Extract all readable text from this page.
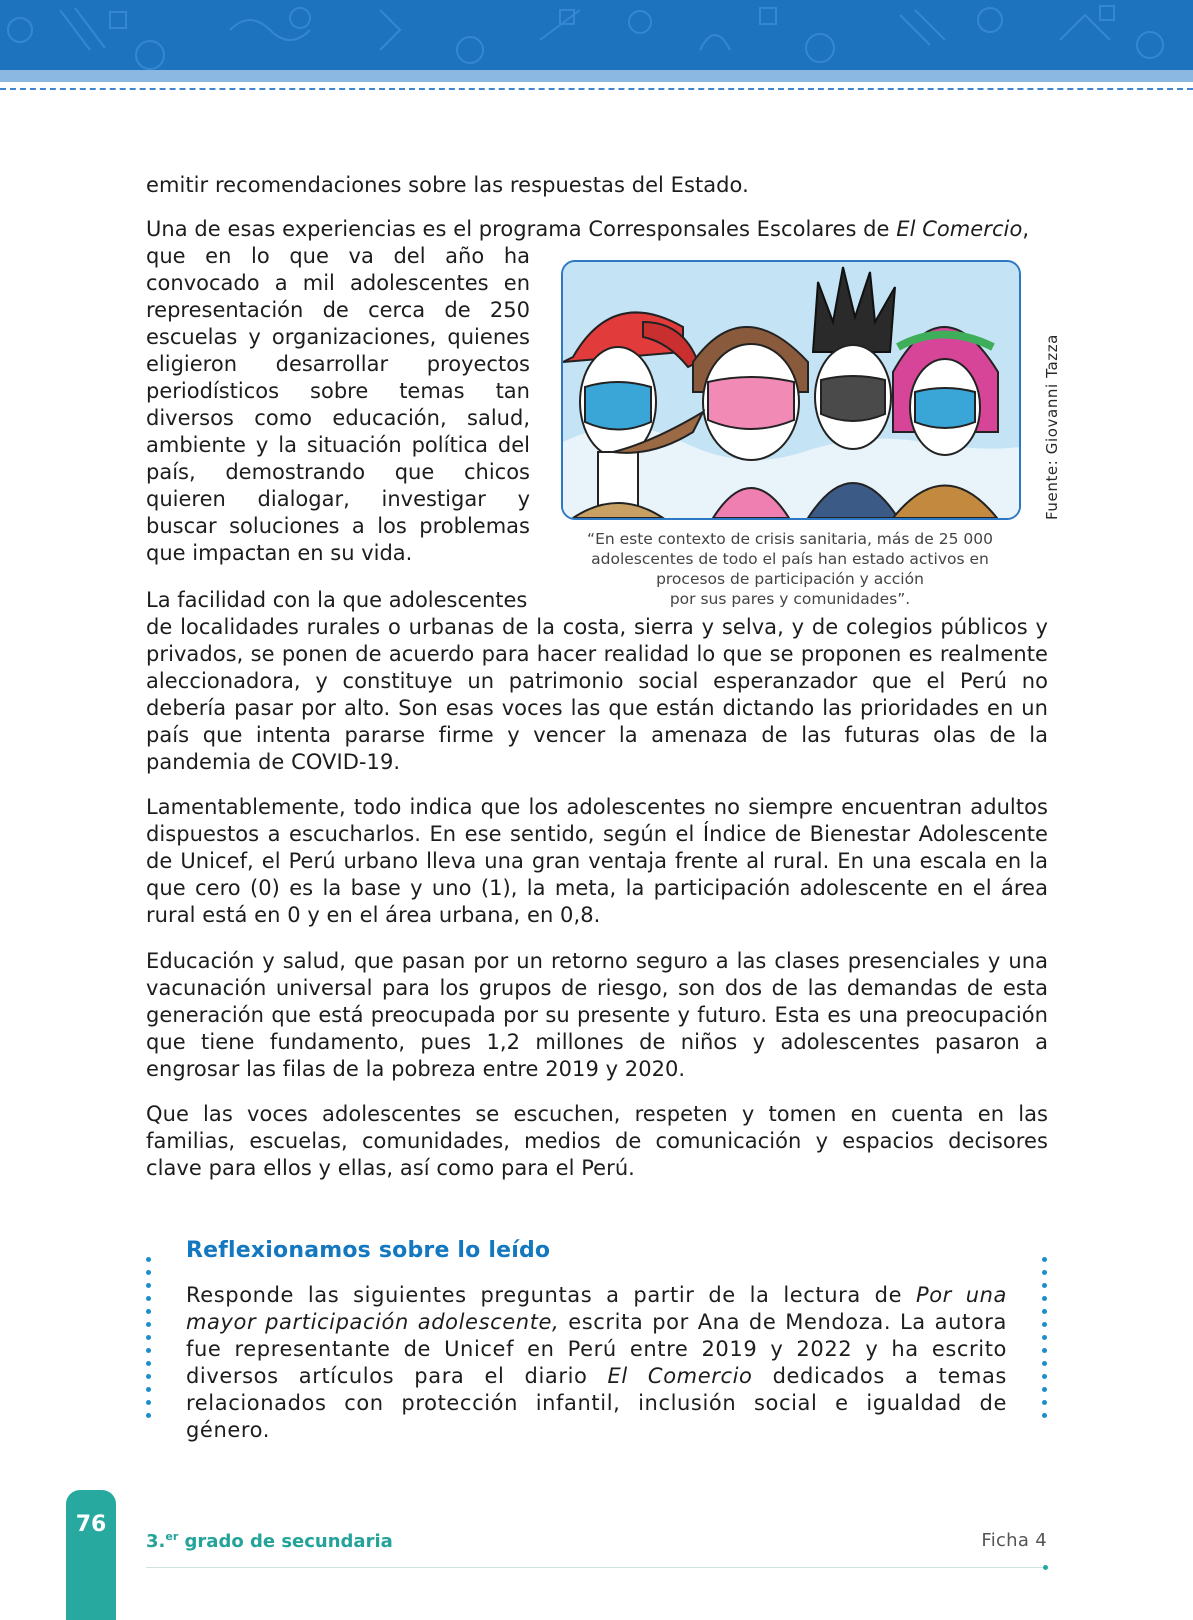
emitir recomendaciones sobre las respuestas del Estado.

Una de esas experiencias es el programa Corresponsales Escolares de El Comercio,

que en lo que va del año ha convocado a mil adolescentes en representación de cerca de 250 escuelas y organizaciones, quienes eligieron desarrollar proyectos periodísticos sobre temas tan diversos como educación, salud, ambiente y la situación política del país, demostrando que chicos quieren dialogar, investigar y buscar soluciones a los problemas que impactan en su vida.

La facilidad con la que adolescentes

de localidades rurales o urbanas de la costa, sierra y selva, y de colegios públicos y privados, se ponen de acuerdo para hacer realidad lo que se proponen es realmente aleccionadora, y constituye un patrimonio social esperanzador que el Perú no debería pasar por alto. Son esas voces las que están dictando las prioridades en un país que intenta pararse firme y vencer la amenaza de las futuras olas de la pandemia de COVID-19.

Lamentablemente, todo indica que los adolescentes no siempre encuentran adultos dispuestos a escucharlos. En ese sentido, según el Índice de Bienestar Adolescente de Unicef, el Perú urbano lleva una gran ventaja frente al rural. En una escala en la que cero (0) es la base y uno (1), la meta, la participación adolescente en el área rural está en 0 y en el área urbana, en 0,8.

Educación y salud, que pasan por un retorno seguro a las clases presenciales y una vacunación universal para los grupos de riesgo, son dos de las demandas de esta generación que está preocupada por su presente y futuro. Esta es una preocupación que tiene fundamento, pues 1,2 millones de niños y adolescentes pasaron a engrosar las filas de la pobreza entre 2019 y 2020.

Que las voces adolescentes se escuchen, respeten y tomen en cuenta en las familias, escuelas, comunidades, medios de comunicación y espacios decisores clave para ellos y ellas, así como para el Perú.

Fuente: Giovanni Tazza
“En este contexto de crisis sanitaria, más de 25 000
adolescentes de todo el país han estado activos en
procesos de participación y acción
por sus pares y comunidades”.
Reflexionamos sobre lo leído

Responde las siguientes preguntas a partir de la lectura de Por una mayor participación adolescente, escrita por Ana de Mendoza. La autora fue representante de Unicef en Perú entre 2019 y 2022 y ha escrito diversos artículos para el diario El Comercio dedicados a temas relacionados con protección infantil, inclusión social e igualdad de género.

76
3.$^{er}$ grado de secundaria	Ficha 4
